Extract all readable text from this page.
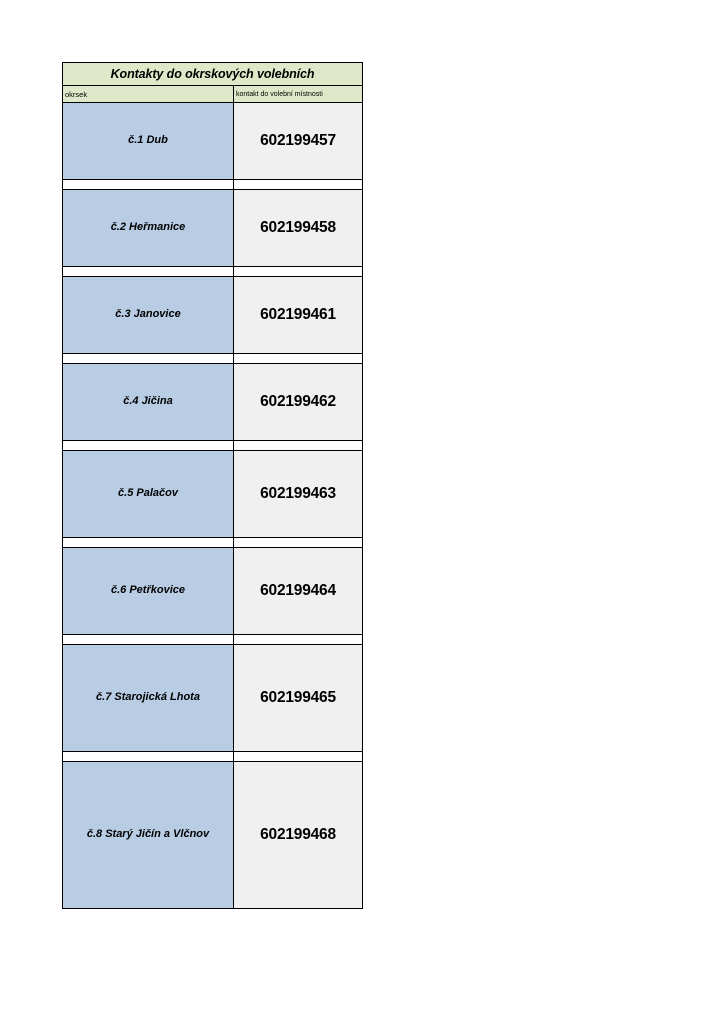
Kontakty do okrskových volebních	
okrsek	kontakt do volební místnosti
č.1 Dub	602199457

č.2 Heřmanice	602199458

č.3 Janovice	602199461

č.4 Jičina	602199462

č.5 Palačov	602199463

č.6 Petřkovice	602199464

č.7 Starojická Lhota	602199465

č.8 Starý Jičín a Vlčnov	602199468
